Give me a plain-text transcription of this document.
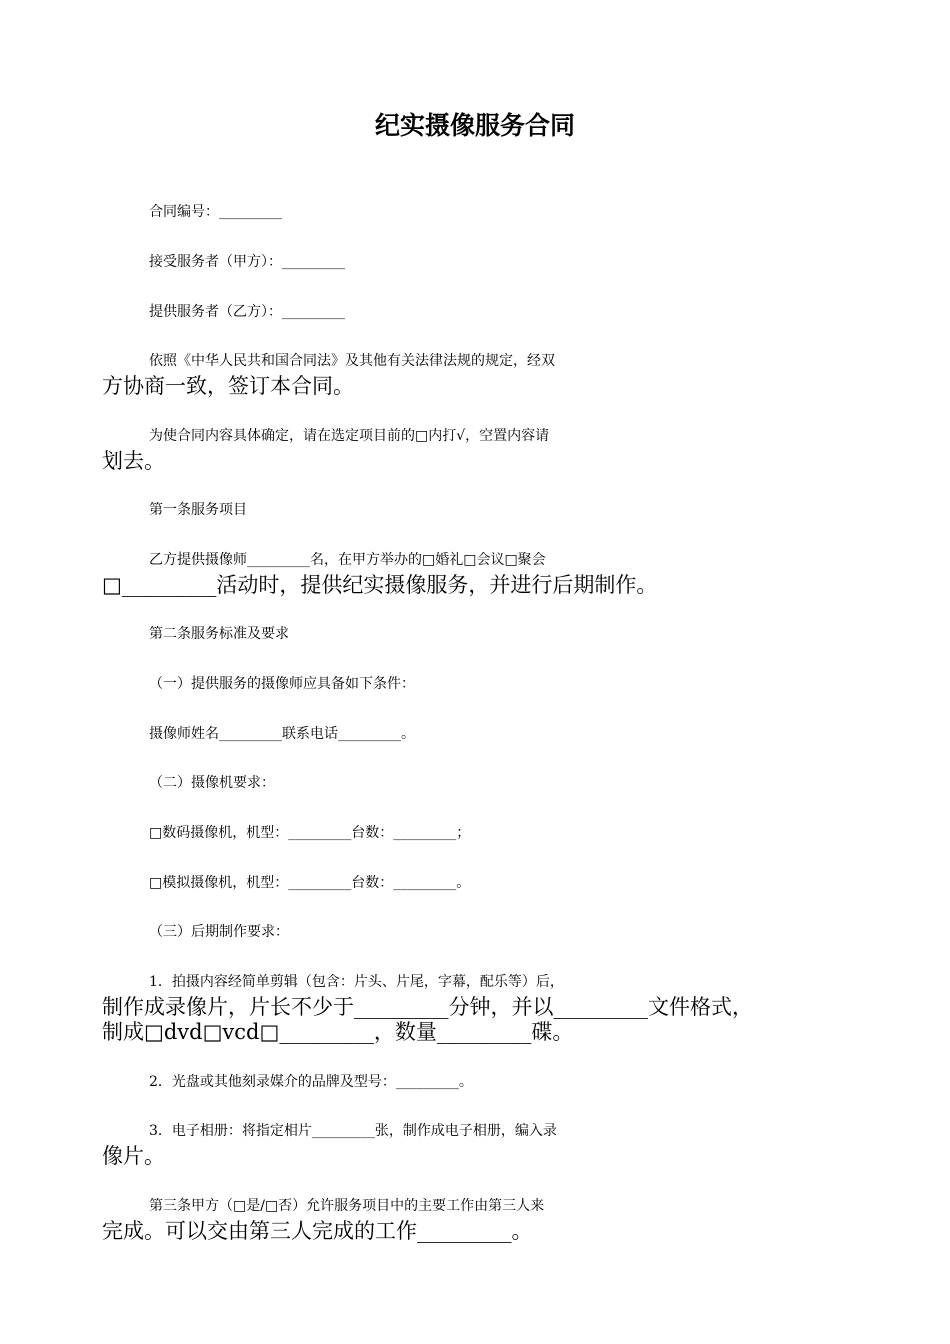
纪实摄像服务合同
合同编号：_________
接受服务者（甲方）：_________
提供服务者（乙方）：_________
依照《中华人民共和国合同法》及其他有关法律法规的规定，经双
方协商一致，签订本合同。
为使合同内容具体确定，请在选定项目前的□内打√，空置内容请
划去。
第一条服务项目
乙方提供摄像师_________名，在甲方举办的□婚礼□会议□聚会
□_________活动时，提供纪实摄像服务，并进行后期制作。
第二条服务标准及要求
（一）提供服务的摄像师应具备如下条件：
摄像师姓名_________联系电话_________。
（二）摄像机要求：
□数码摄像机，机型：_________台数：_________；
□模拟摄像机，机型：_________台数：_________。
（三）后期制作要求：
1．拍摄内容经简单剪辑（包含：片头、片尾，字幕，配乐等）后，
制作成录像片，片长不少于_________分钟，并以_________文件格式，
制成□dvd□vcd□_________，数量_________碟。
2．光盘或其他刻录媒介的品牌及型号：_________。
3．电子相册：将指定相片_________张，制作成电子相册，编入录
像片。
第三条甲方（□是/□否）允许服务项目中的主要工作由第三人来
完成。可以交由第三人完成的工作_________。
